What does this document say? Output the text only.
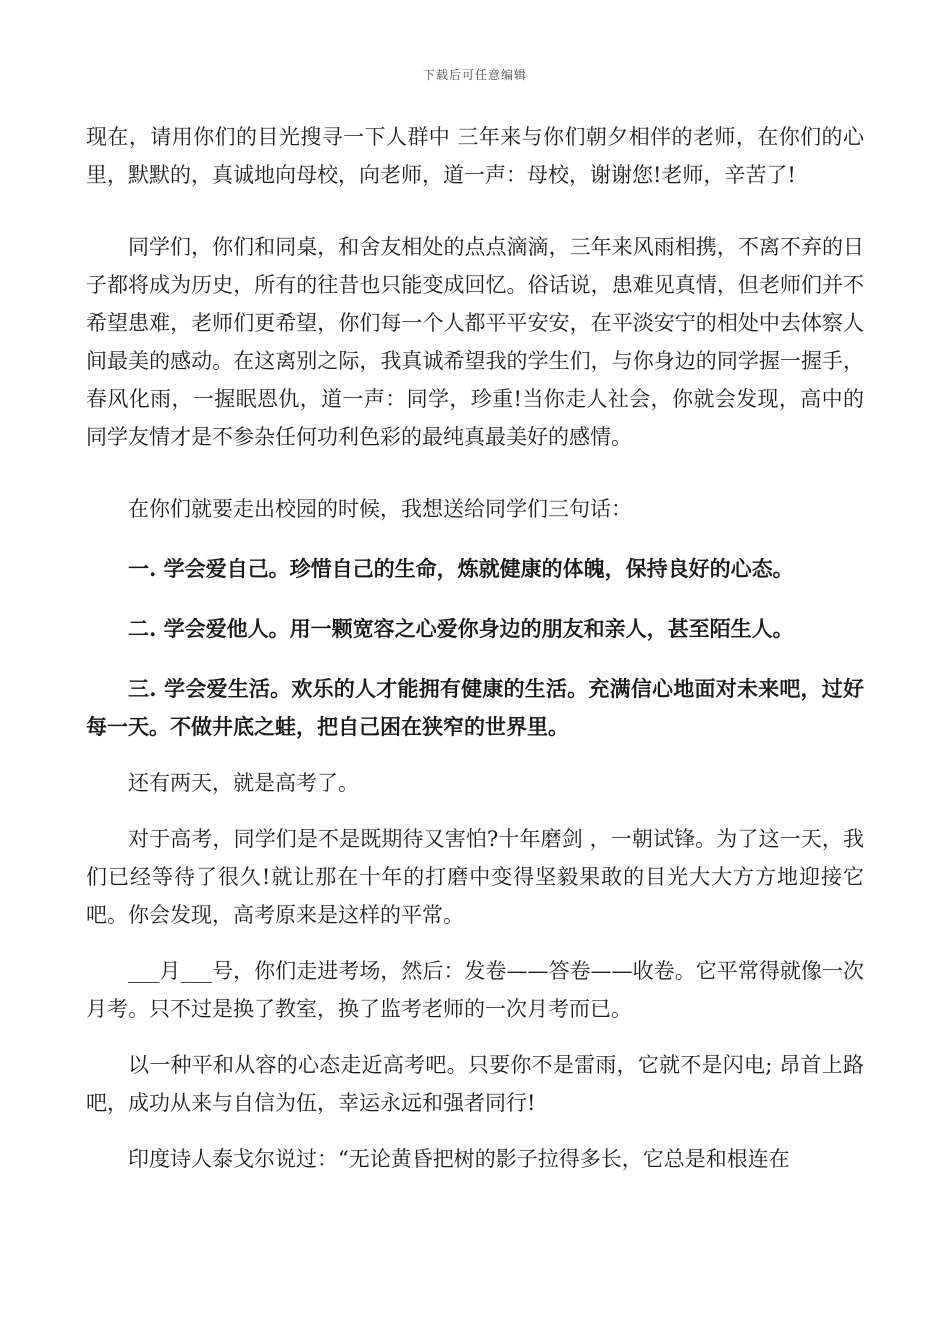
下载后可任意编辑

现在，请用你们的目光搜寻一下人群中 三年来与你们朝夕相伴的老师，在你们的心里，默默的，真诚地向母校，向老师，道一声：母校，谢谢您!老师，辛苦了!

同学们，你们和同桌，和舍友相处的点点滴滴，三年来风雨相携，不离不弃的日子都将成为历史，所有的往昔也只能变成回忆。俗话说，患难见真情，但老师们并不希望患难，老师们更希望，你们每一个人都平平安安，在平淡安宁的相处中去体察人间最美的感动。在这离别之际，我真诚希望我的学生们，与你身边的同学握一握手，春风化雨，一握眠恩仇，道一声：同学，珍重!当你走人社会，你就会发现，高中的同学友情才是不参杂任何功利色彩的最纯真最美好的感情。

在你们就要走出校园的时候，我想送给同学们三句话：

一. 学会爱自己。珍惜自己的生命，炼就健康的体魄，保持良好的心态。

二. 学会爱他人。用一颗宽容之心爱你身边的朋友和亲人，甚至陌生人。

三. 学会爱生活。欢乐的人才能拥有健康的生活。充满信心地面对未来吧，过好每一天。不做井底之蛙，把自己困在狭窄的世界里。

还有两天，就是高考了。

对于高考，同学们是不是既期待又害怕?十年磨剑 ，一朝试锋。为了这一天，我们已经等待了很久!就让那在十年的打磨中变得坚毅果敢的目光大大方方地迎接它吧。你会发现，高考原来是这样的平常。

___月___号，你们走进考场，然后：发卷——答卷——收卷。它平常得就像一次月考。只不过是换了教室，换了监考老师的一次月考而已。

以一种平和从容的心态走近高考吧。只要你不是雷雨，它就不是闪电; 昂首上路吧，成功从来与自信为伍，幸运永远和强者同行!

印度诗人泰戈尔说过：“无论黄昏把树的影子拉得多长，它总是和根连在
